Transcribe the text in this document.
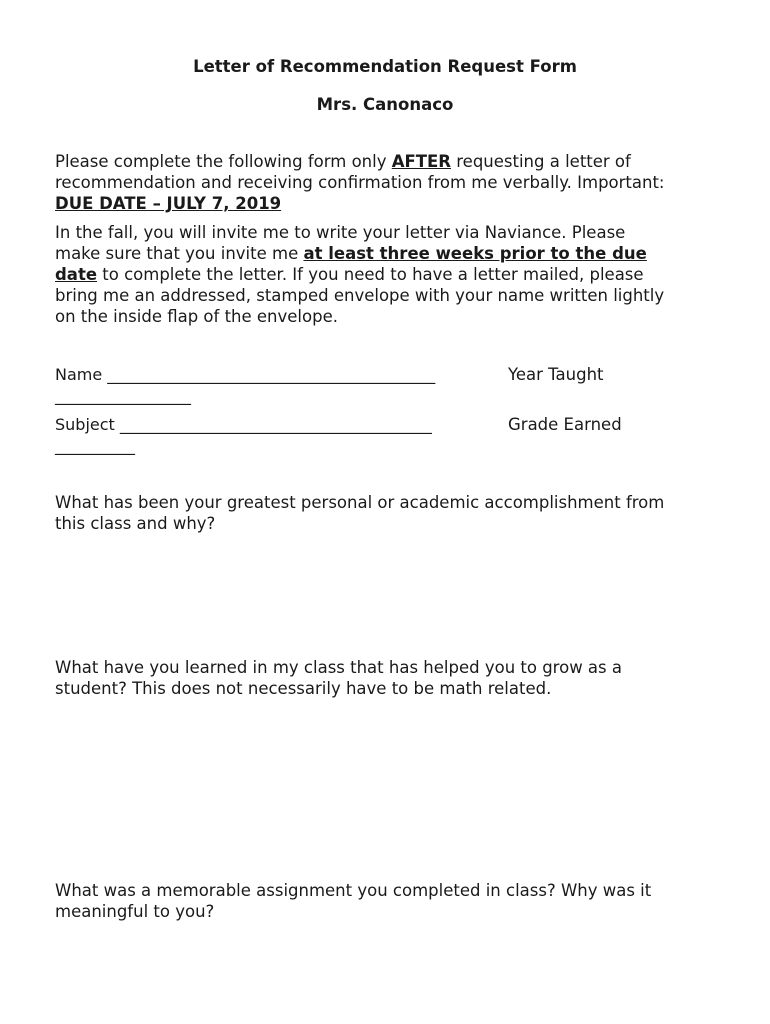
Letter of Recommendation Request Form
Mrs. Canonaco
Please complete the following form only AFTER requesting a letter of
recommendation and receiving confirmation from me verbally. Important:
DUE DATE – JULY 7, 2019
In the fall, you will invite me to write your letter via Naviance. Please
make sure that you invite me at least three weeks prior to the due
date to complete the letter. If you need to have a letter mailed, please
bring me an addressed, stamped envelope with your name written lightly
on the inside flap of the envelope.
Name _________________________________________	Year Taught
_________________
Subject _______________________________________	Grade Earned
__________
What has been your greatest personal or academic accomplishment from
this class and why?
What have you learned in my class that has helped you to grow as a
student? This does not necessarily have to be math related.
What was a memorable assignment you completed in class? Why was it
meaningful to you?
